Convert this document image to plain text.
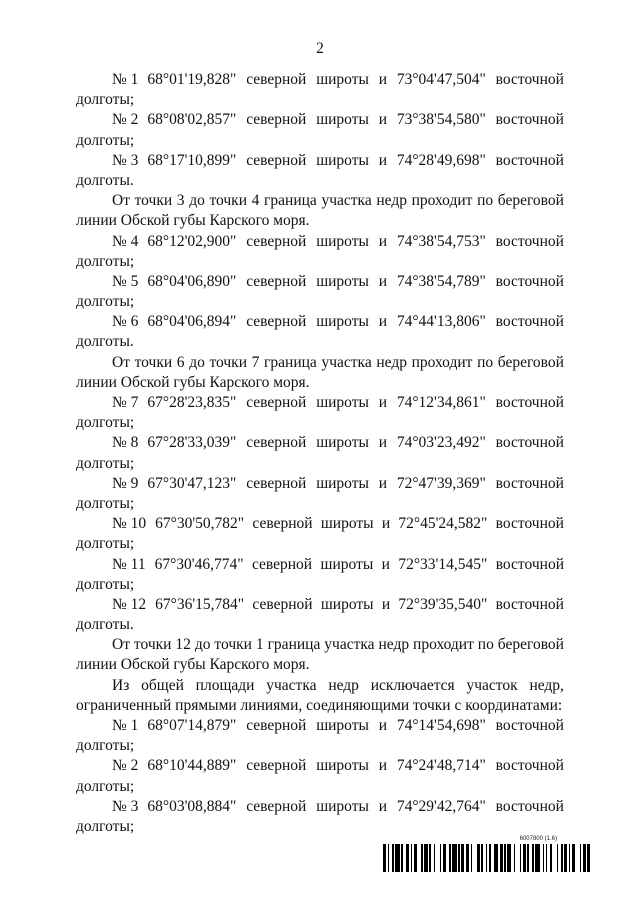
2
№ 1 68°01'19,828" северной широты и 73°04'47,504" восточной
долготы;
№ 2 68°08'02,857" северной широты и 73°38'54,580" восточной
долготы;
№ 3 68°17'10,899" северной широты и 74°28'49,698" восточной
долготы.
От точки 3 до точки 4 граница участка недр проходит по береговой
линии Обской губы Карского моря.
№ 4 68°12'02,900" северной широты и 74°38'54,753" восточной
долготы;
№ 5 68°04'06,890" северной широты и 74°38'54,789" восточной
долготы;
№ 6 68°04'06,894" северной широты и 74°44'13,806" восточной
долготы.
От точки 6 до точки 7 граница участка недр проходит по береговой
линии Обской губы Карского моря.
№ 7 67°28'23,835" северной широты и 74°12'34,861" восточной
долготы;
№ 8 67°28'33,039" северной широты и 74°03'23,492" восточной
долготы;
№ 9 67°30'47,123" северной широты и 72°47'39,369" восточной
долготы;
№ 10 67°30'50,782" северной широты и 72°45'24,582" восточной
долготы;
№ 11 67°30'46,774" северной широты и 72°33'14,545" восточной
долготы;
№ 12 67°36'15,784" северной широты и 72°39'35,540" восточной
долготы.
От точки 12 до точки 1 граница участка недр проходит по береговой
линии Обской губы Карского моря.
Из общей площади участка недр исключается участок недр,
ограниченный прямыми линиями, соединяющими точки с координатами:
№ 1 68°07'14,879" северной широты и 74°14'54,698" восточной
долготы;
№ 2 68°10'44,889" северной широты и 74°24'48,714" восточной
долготы;
№ 3 68°03'08,884" северной широты и 74°29'42,764" восточной
долготы;
6007800 (1.6)
